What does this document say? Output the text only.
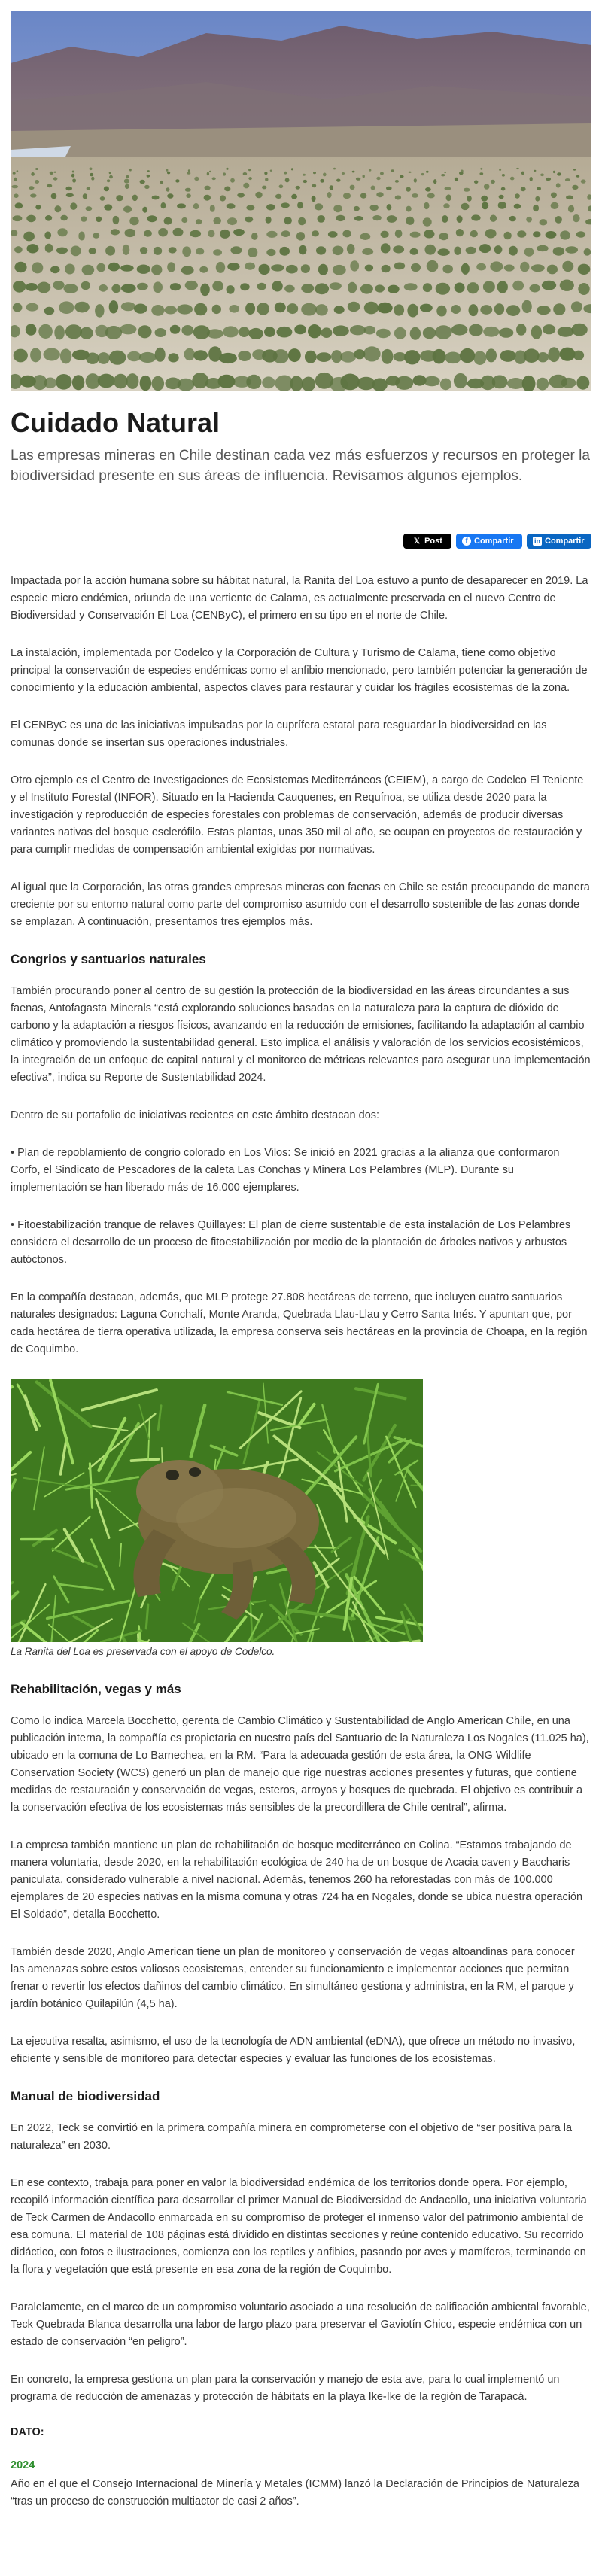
Cuidado Natural

Las empresas mineras en Chile destinan cada vez más esfuerzos y recursos en proteger la biodiversidad presente en sus áreas de influencia. Revisamos algunos ejemplos.

𝕏 Post	f Compartir	in Compartir

Impactada por la acción humana sobre su hábitat natural, la Ranita del Loa estuvo a punto de desaparecer en 2019. La especie micro endémica, oriunda de una vertiente de Calama, es actualmente preservada en el nuevo Centro de Biodiversidad y Conservación El Loa (CENByC), el primero en su tipo en el norte de Chile.

La instalación, implementada por Codelco y la Corporación de Cultura y Turismo de Calama, tiene como objetivo principal la conservación de especies endémicas como el anfibio mencionado, pero también potenciar la generación de conocimiento y la educación ambiental, aspectos claves para restaurar y cuidar los frágiles ecosistemas de la zona.

El CENByC es una de las iniciativas impulsadas por la cuprífera estatal para resguardar la biodiversidad en las comunas donde se insertan sus operaciones industriales.

Otro ejemplo es el Centro de Investigaciones de Ecosistemas Mediterráneos (CEIEM), a cargo de Codelco El Teniente y el Instituto Forestal (INFOR). Situado en la Hacienda Cauquenes, en Requínoa, se utiliza desde 2020 para la investigación y reproducción de especies forestales con problemas de conservación, además de producir diversas variantes nativas del bosque esclerófilo. Estas plantas, unas 350 mil al año, se ocupan en proyectos de restauración y para cumplir medidas de compensación ambiental exigidas por normativas.

Al igual que la Corporación, las otras grandes empresas mineras con faenas en Chile se están preocupando de manera creciente por su entorno natural como parte del compromiso asumido con el desarrollo sostenible de las zonas donde se emplazan. A continuación, presentamos tres ejemplos más.

Congrios y santuarios naturales

También procurando poner al centro de su gestión la protección de la biodiversidad en las áreas circundantes a sus faenas, Antofagasta Minerals “está explorando soluciones basadas en la naturaleza para la captura de dióxido de carbono y la adaptación a riesgos físicos, avanzando en la reducción de emisiones, facilitando la adaptación al cambio climático y promoviendo la sustentabilidad general. Esto implica el análisis y valoración de los servicios ecosistémicos, la integración de un enfoque de capital natural y el monitoreo de métricas relevantes para asegurar una implementación efectiva”, indica su Reporte de Sustentabilidad 2024.

Dentro de su portafolio de iniciativas recientes en este ámbito destacan dos:

• Plan de repoblamiento de congrio colorado en Los Vilos: Se inició en 2021 gracias a la alianza que conformaron Corfo, el Sindicato de Pescadores de la caleta Las Conchas y Minera Los Pelambres (MLP). Durante su implementación se han liberado más de 16.000 ejemplares.

• Fitoestabilización tranque de relaves Quillayes: El plan de cierre sustentable de esta instalación de Los Pelambres considera el desarrollo de un proceso de fitoestabilización por medio de la plantación de árboles nativos y arbustos autóctonos.

En la compañía destacan, además, que MLP protege 27.808 hectáreas de terreno, que incluyen cuatro santuarios naturales designados: Laguna Conchalí, Monte Aranda, Quebrada Llau-Llau y Cerro Santa Inés. Y apuntan que, por cada hectárea de tierra operativa utilizada, la empresa conserva seis hectáreas en la provincia de Choapa, en la región de Coquimbo.

La Ranita del Loa es preservada con el apoyo de Codelco.
Rehabilitación, vegas y más

Como lo indica Marcela Bocchetto, gerenta de Cambio Climático y Sustentabilidad de Anglo American Chile, en una publicación interna, la compañía es propietaria en nuestro país del Santuario de la Naturaleza Los Nogales (11.025 ha), ubicado en la comuna de Lo Barnechea, en la RM. “Para la adecuada gestión de esta área, la ONG Wildlife Conservation Society (WCS) generó un plan de manejo que rige nuestras acciones presentes y futuras, que contiene medidas de restauración y conservación de vegas, esteros, arroyos y bosques de quebrada. El objetivo es contribuir a la conservación efectiva de los ecosistemas más sensibles de la precordillera de Chile central”, afirma.

La empresa también mantiene un plan de rehabilitación de bosque mediterráneo en Colina. “Estamos trabajando de manera voluntaria, desde 2020, en la rehabilitación ecológica de 240 ha de un bosque de Acacia caven y Baccharis paniculata, considerado vulnerable a nivel nacional. Además, tenemos 260 ha reforestadas con más de 100.000 ejemplares de 20 especies nativas en la misma comuna y otras 724 ha en Nogales, donde se ubica nuestra operación El Soldado”, detalla Bocchetto.

También desde 2020, Anglo American tiene un plan de monitoreo y conservación de vegas altoandinas para conocer las amenazas sobre estos valiosos ecosistemas, entender su funcionamiento e implementar acciones que permitan frenar o revertir los efectos dañinos del cambio climático. En simultáneo gestiona y administra, en la RM, el parque y jardín botánico Quilapilún (4,5 ha).

La ejecutiva resalta, asimismo, el uso de la tecnología de ADN ambiental (eDNA), que ofrece un método no invasivo, eficiente y sensible de monitoreo para detectar especies y evaluar las funciones de los ecosistemas.

Manual de biodiversidad

En 2022, Teck se convirtió en la primera compañía minera en comprometerse con el objetivo de “ser positiva para la naturaleza” en 2030.

En ese contexto, trabaja para poner en valor la biodiversidad endémica de los territorios donde opera. Por ejemplo, recopiló información científica para desarrollar el primer Manual de Biodiversidad de Andacollo, una iniciativa voluntaria de Teck Carmen de Andacollo enmarcada en su compromiso de proteger el inmenso valor del patrimonio ambiental de esa comuna. El material de 108 páginas está dividido en distintas secciones y reúne contenido educativo. Su recorrido didáctico, con fotos e ilustraciones, comienza con los reptiles y anfibios, pasando por aves y mamíferos, terminando en la flora y vegetación que está presente en esa zona de la región de Coquimbo.

Paralelamente, en el marco de un compromiso voluntario asociado a una resolución de calificación ambiental favorable, Teck Quebrada Blanca desarrolla una labor de largo plazo para preservar el Gaviotín Chico, especie endémica con un estado de conservación “en peligro”.

En concreto, la empresa gestiona un plan para la conservación y manejo de esta ave, para lo cual implementó un programa de reducción de amenazas y protección de hábitats en la playa Ike-Ike de la región de Tarapacá.

DATO:
2024

Año en el que el Consejo Internacional de Minería y Metales (ICMM) lanzó la Declaración de Principios de Naturaleza “tras un proceso de construcción multiactor de casi 2 años”.
